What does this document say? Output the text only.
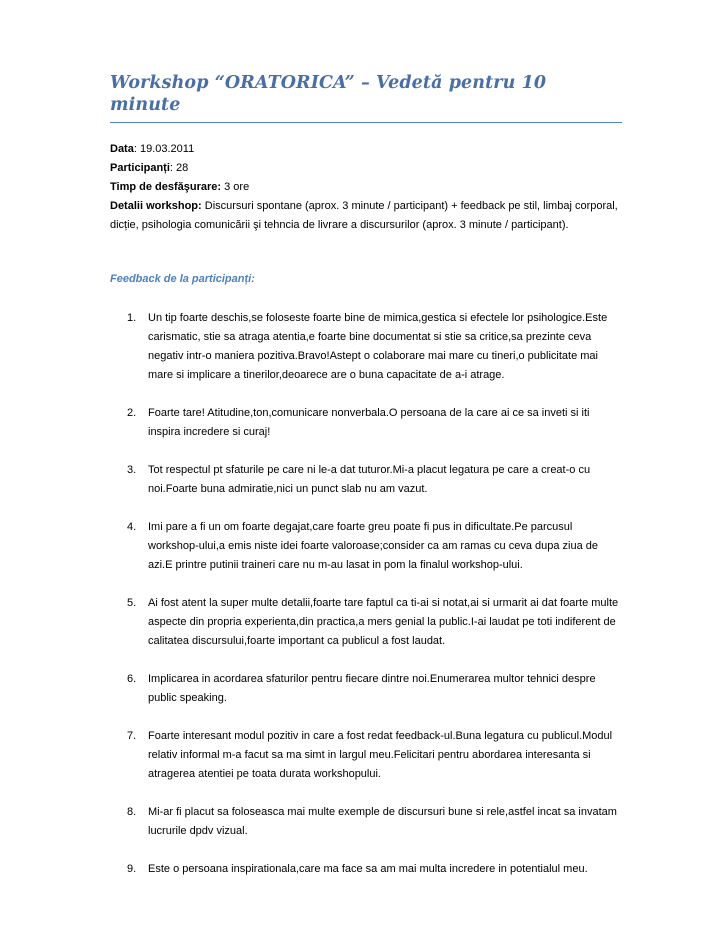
Workshop “ORATORICA” – Vedetă pentru 10 minute
Data: 19.03.2011
Participanți: 28
Timp de desfăşurare: 3 ore
Detalii workshop: Discursuri spontane (aprox. 3 minute / participant) + feedback pe stil, limbaj corporal, dicție, psihologia comunicării şi tehncia de livrare a discursurilor (aprox. 3 minute / participant).
Feedback de la participanți:
1. Un tip foarte deschis,se foloseste foarte bine de mimica,gestica si efectele lor psihologice.Este carismatic, stie sa atraga atentia,e foarte bine documentat si stie sa critice,sa prezinte ceva negativ intr-o maniera pozitiva.Bravo!Astept o colaborare mai mare cu tineri,o publicitate mai mare si implicare a tinerilor,deoarece are o buna capacitate de a-i atrage.
2. Foarte tare! Atitudine,ton,comunicare nonverbala.O persoana de la care ai ce sa inveti si iti inspira incredere si curaj!
3. Tot respectul pt sfaturile pe care ni le-a dat tuturor.Mi-a placut legatura pe care a creat-o cu noi.Foarte buna admiratie,nici un punct slab nu am vazut.
4. Imi pare a fi un om foarte degajat,care foarte greu poate fi pus in dificultate.Pe parcusul workshop-ului,a emis niste idei foarte valoroase;consider ca am ramas cu ceva dupa ziua de azi.E printre putinii traineri care nu m-au lasat in pom la finalul workshop-ului.
5. Ai fost atent la super multe detalii,foarte tare faptul ca ti-ai si notat,ai si urmarit ai dat foarte multe aspecte din propria experienta,din practica,a mers genial la public.I-ai laudat pe toti indiferent de calitatea discursului,foarte important ca publicul a fost laudat.
6. Implicarea in acordarea sfaturilor pentru fiecare dintre noi.Enumerarea multor tehnici despre public speaking.
7. Foarte interesant modul pozitiv in care a fost redat feedback-ul.Buna legatura cu publicul.Modul relativ informal m-a facut sa ma simt in largul meu.Felicitari pentru abordarea interesanta si atragerea atentiei pe toata durata workshopului.
8. Mi-ar fi placut sa foloseasca mai multe exemple de discursuri bune si rele,astfel incat sa invatam lucrurile dpdv vizual.
9. Este o persoana inspirationala,care ma face sa am mai multa incredere in potentialul meu.
